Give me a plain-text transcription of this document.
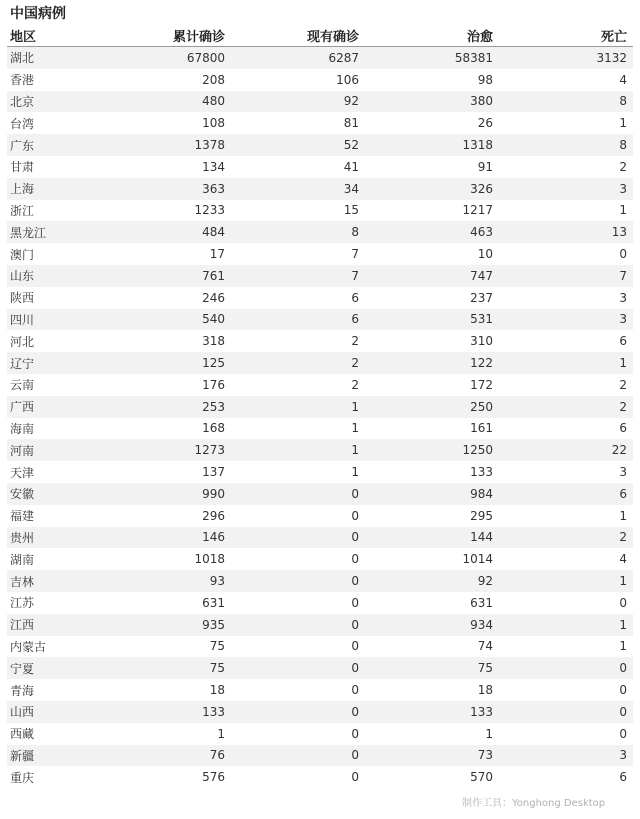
中国病例
地区	累计确诊	现有确诊	治愈	死亡
湖北	67800	6287	58381	3132
香港	208	106	98	4
北京	480	92	380	8
台湾	108	81	26	1
广东	1378	52	1318	8
甘肃	134	41	91	2
上海	363	34	326	3
浙江	1233	15	1217	1
黑龙江	484	8	463	13
澳门	17	7	10	0
山东	761	7	747	7
陕西	246	6	237	3
四川	540	6	531	3
河北	318	2	310	6
辽宁	125	2	122	1
云南	176	2	172	2
广西	253	1	250	2
海南	168	1	161	6
河南	1273	1	1250	22
天津	137	1	133	3
安徽	990	0	984	6
福建	296	0	295	1
贵州	146	0	144	2
湖南	1018	0	1014	4
吉林	93	0	92	1
江苏	631	0	631	0
江西	935	0	934	1
内蒙古	75	0	74	1
宁夏	75	0	75	0
青海	18	0	18	0
山西	133	0	133	0
西藏	1	0	1	0
新疆	76	0	73	3
重庆	576	0	570	6
制作工具：Yonghong Desktop
